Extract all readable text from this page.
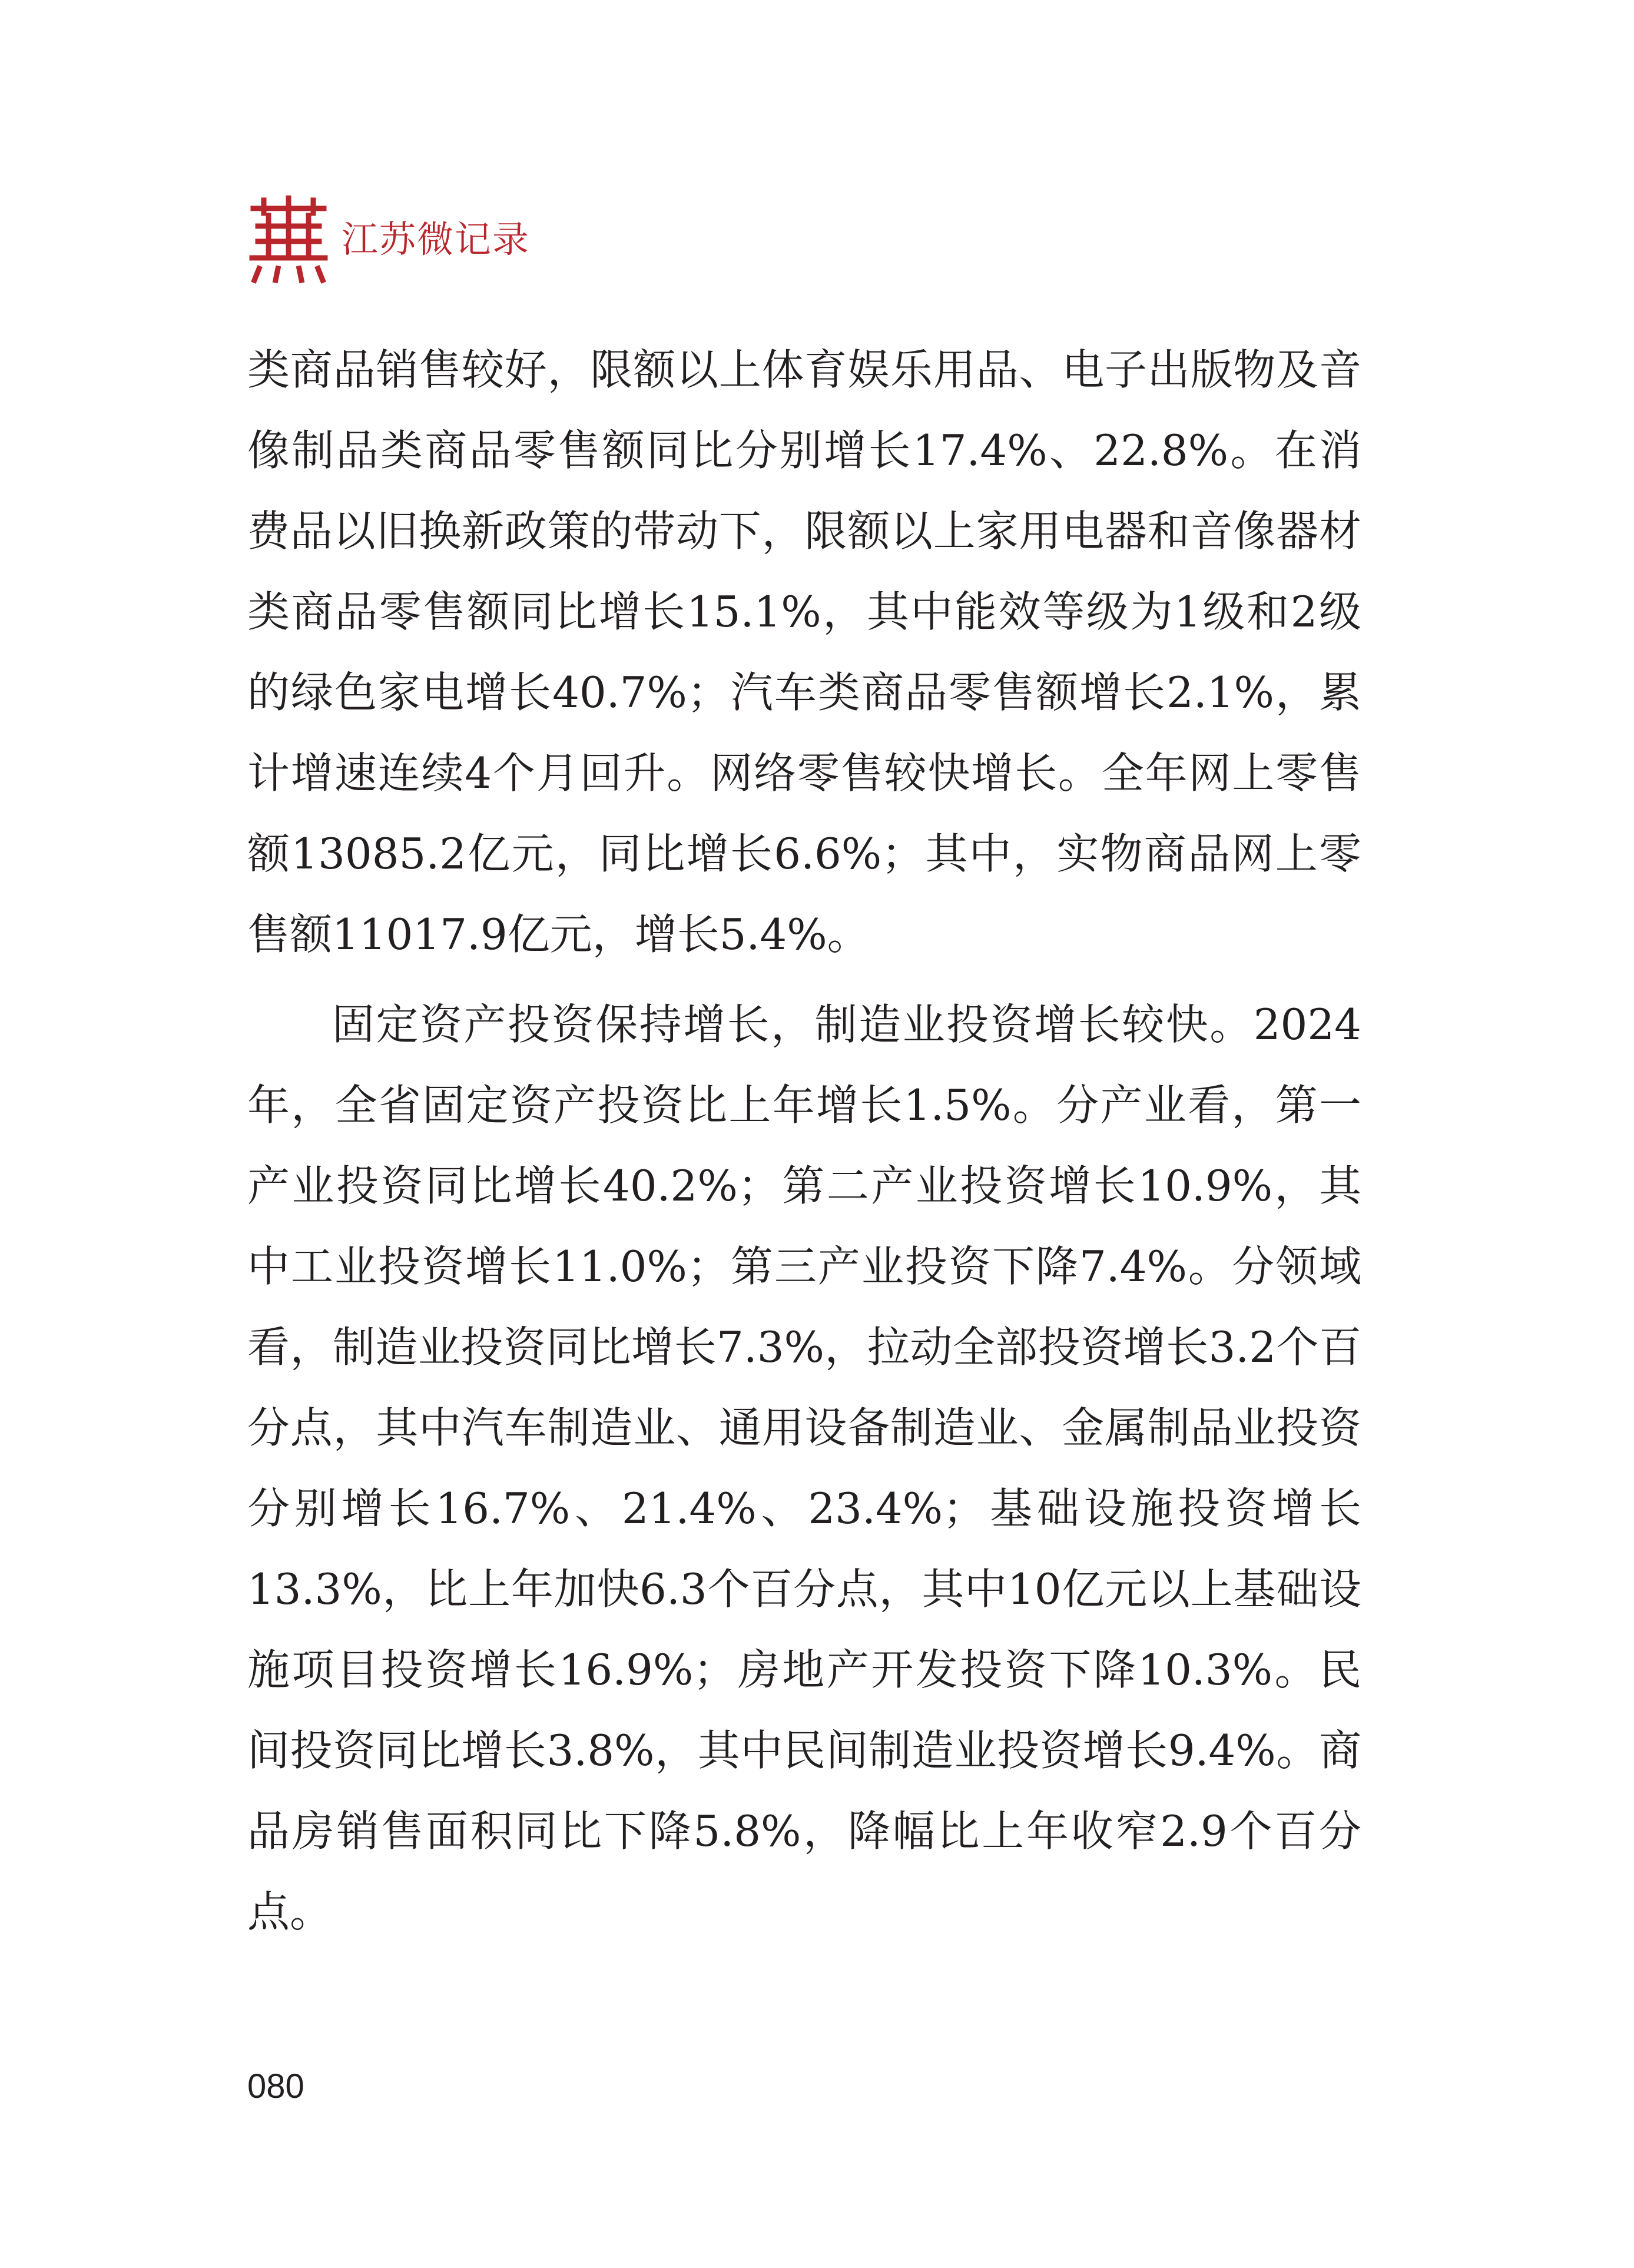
江苏微记录

类商品销售较好，限额以上体育娱乐用品、电子出版物及音像制品类商品零售额同比分别增长17.4%、22.8%。在消费品以旧换新政策的带动下，限额以上家用电器和音像器材类商品零售额同比增长15.1%，其中能效等级为1级和2级的绿色家电增长40.7%；汽车类商品零售额增长2.1%，累计增速连续4个月回升。网络零售较快增长。全年网上零售额13085.2亿元，同比增长6.6%；其中，实物商品网上零售额11017.9亿元，增长5.4%。

固定资产投资保持增长，制造业投资增长较快。2024年，全省固定资产投资比上年增长1.5%。分产业看，第一产业投资同比增长40.2%；第二产业投资增长10.9%，其中工业投资增长11.0%；第三产业投资下降7.4%。分领域看，制造业投资同比增长7.3%，拉动全部投资增长3.2个百分点，其中汽车制造业、通用设备制造业、金属制品业投资分别增长16.7%、21.4%、23.4%；基础设施投资增长13.3%，比上年加快6.3个百分点，其中10亿元以上基础设施项目投资增长16.9%；房地产开发投资下降10.3%。民间投资同比增长3.8%，其中民间制造业投资增长9.4%。商品房销售面积同比下降5.8%，降幅比上年收窄2.9个百分点。

080
